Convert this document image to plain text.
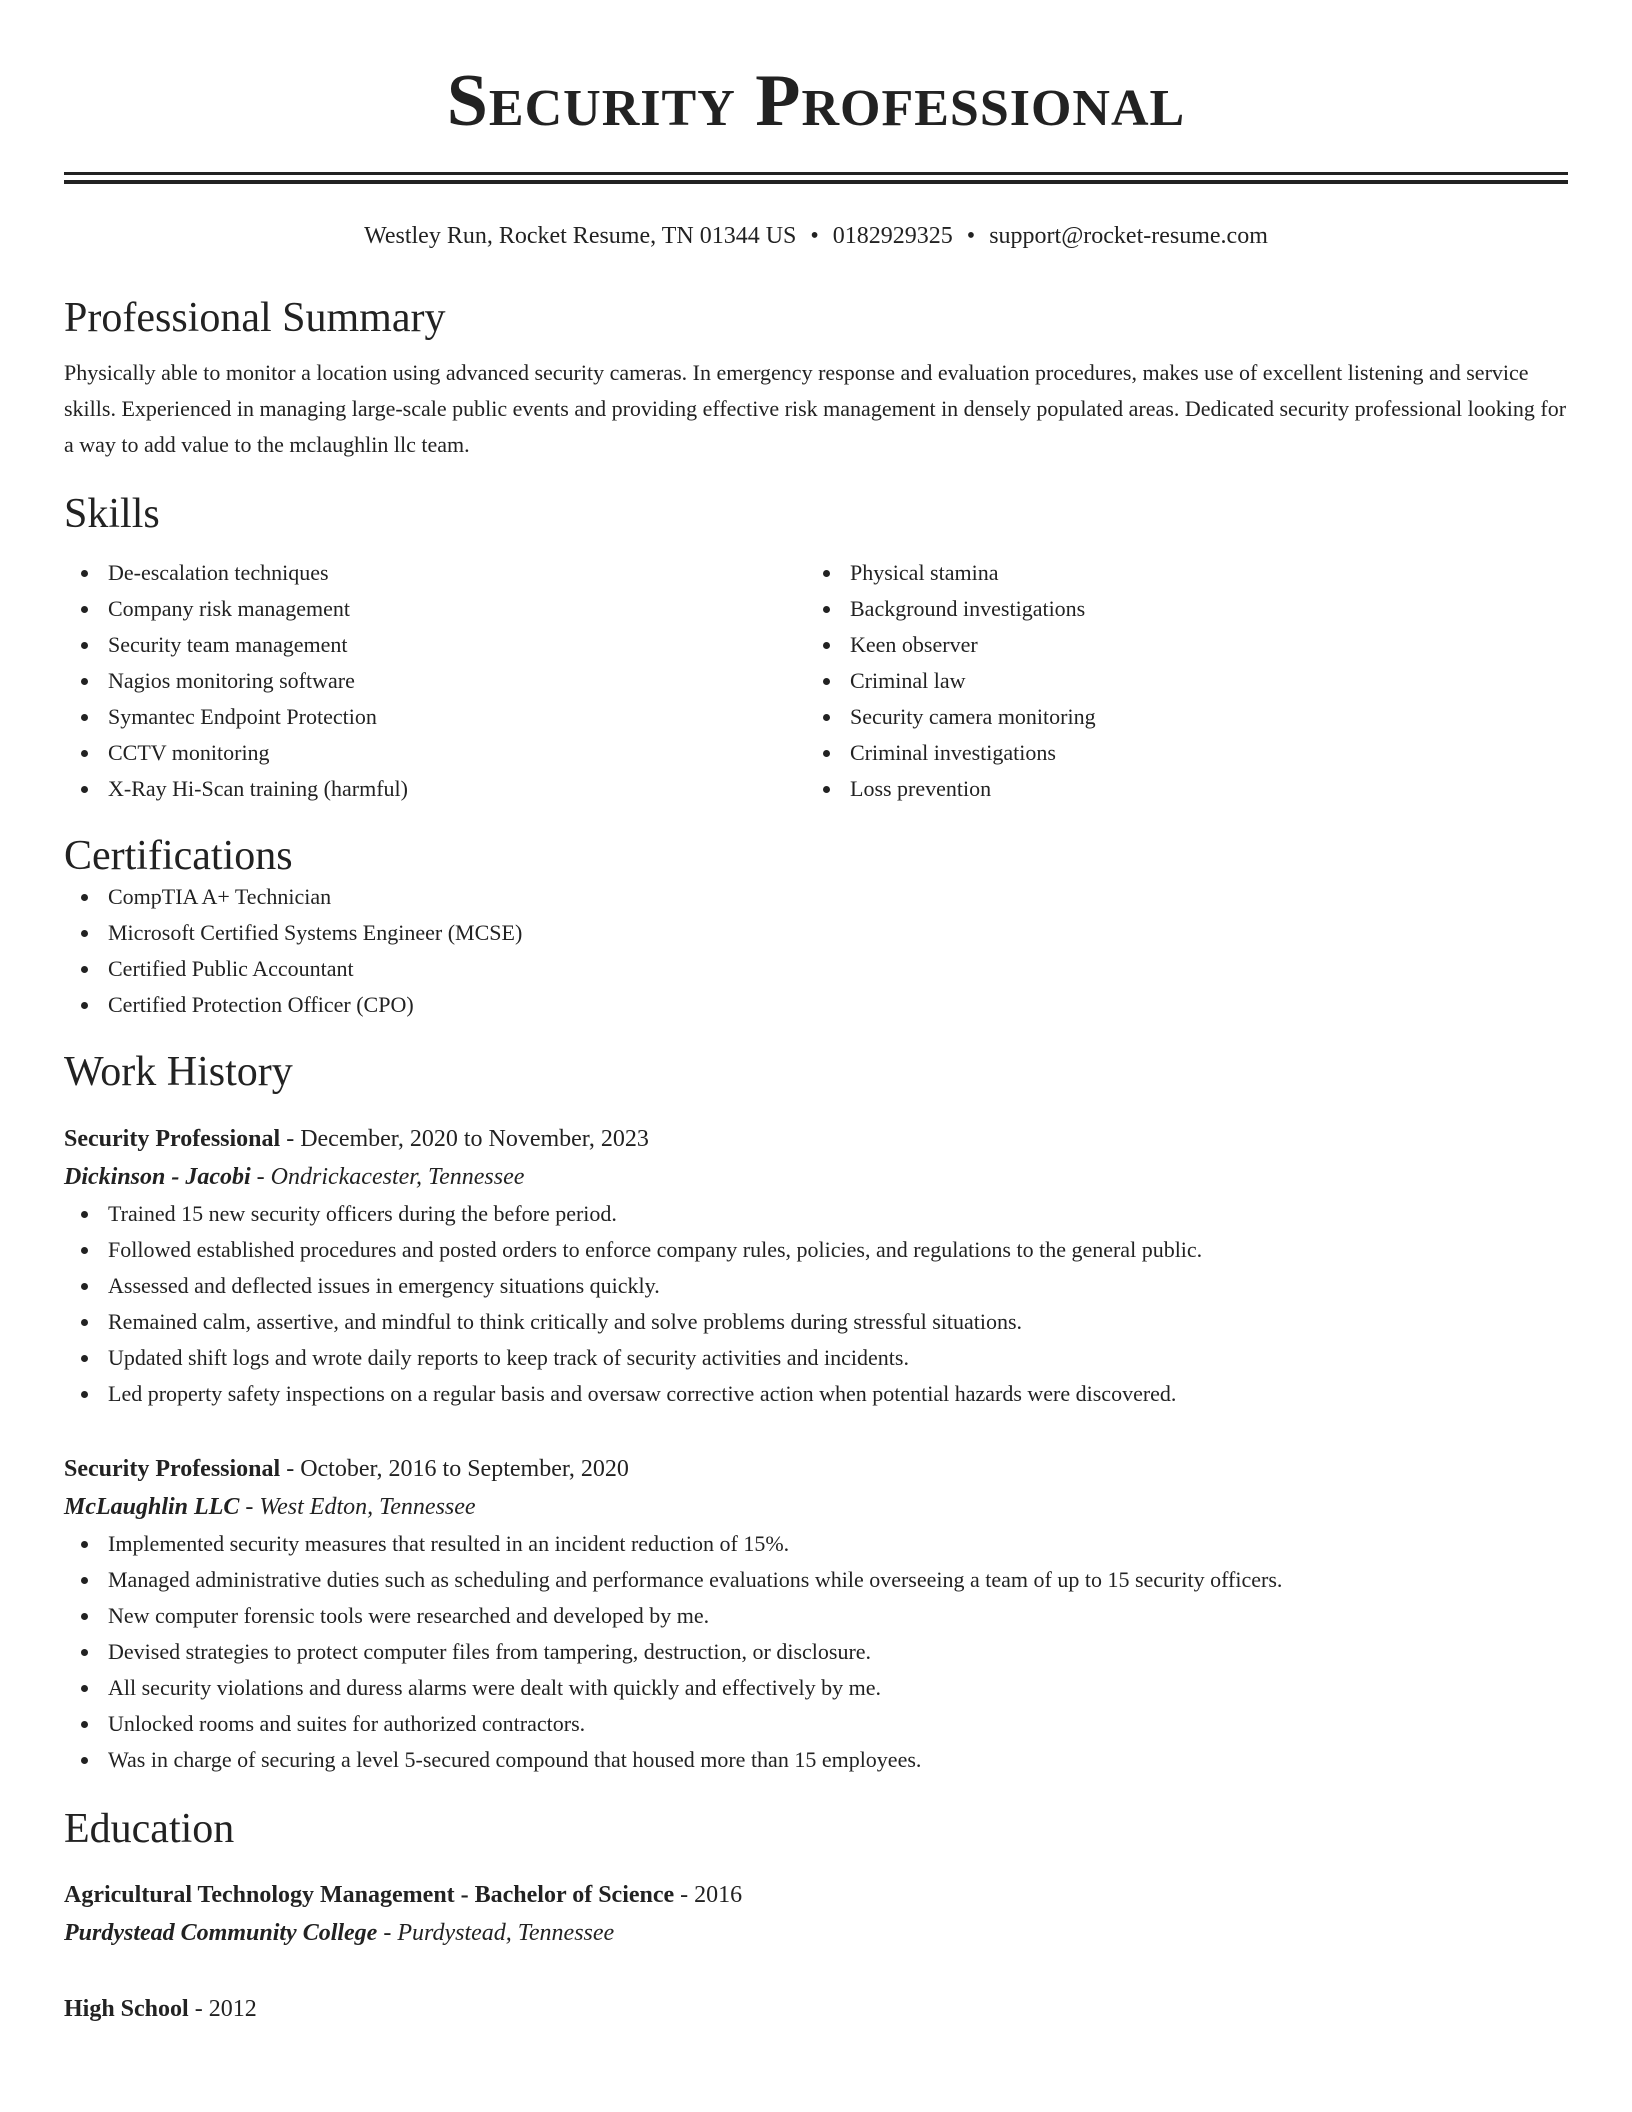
Security Professional
Westley Run, Rocket Resume, TN 01344 US • 0182929325 • support@rocket-resume.com
Professional Summary

Physically able to monitor a location using advanced security cameras. In emergency response and evaluation procedures, makes use of excellent listening and service skills. Experienced in managing large-scale public events and providing effective risk management in densely populated areas. Dedicated security professional looking for a way to add value to the mclaughlin llc team.

Skills
De-escalation techniques
Company risk management
Security team management
Nagios monitoring software
Symantec Endpoint Protection
CCTV monitoring
X-Ray Hi-Scan training (harmful)
Physical stamina
Background investigations
Keen observer
Criminal law
Security camera monitoring
Criminal investigations
Loss prevention
Certifications
CompTIA A+ Technician
Microsoft Certified Systems Engineer (MCSE)
Certified Public Accountant
Certified Protection Officer (CPO)
Work History
Security Professional - December, 2020 to November, 2023
Dickinson - Jacobi - Ondrickacester, Tennessee
Trained 15 new security officers during the before period.
Followed established procedures and posted orders to enforce company rules, policies, and regulations to the general public.
Assessed and deflected issues in emergency situations quickly.
Remained calm, assertive, and mindful to think critically and solve problems during stressful situations.
Updated shift logs and wrote daily reports to keep track of security activities and incidents.
Led property safety inspections on a regular basis and oversaw corrective action when potential hazards were discovered.
Security Professional - October, 2016 to September, 2020
McLaughlin LLC - West Edton, Tennessee
Implemented security measures that resulted in an incident reduction of 15%.
Managed administrative duties such as scheduling and performance evaluations while overseeing a team of up to 15 security officers.
New computer forensic tools were researched and developed by me.
Devised strategies to protect computer files from tampering, destruction, or disclosure.
All security violations and duress alarms were dealt with quickly and effectively by me.
Unlocked rooms and suites for authorized contractors.
Was in charge of securing a level 5-secured compound that housed more than 15 employees.
Education
Agricultural Technology Management - Bachelor of Science - 2016
Purdystead Community College - Purdystead, Tennessee
High School - 2012
